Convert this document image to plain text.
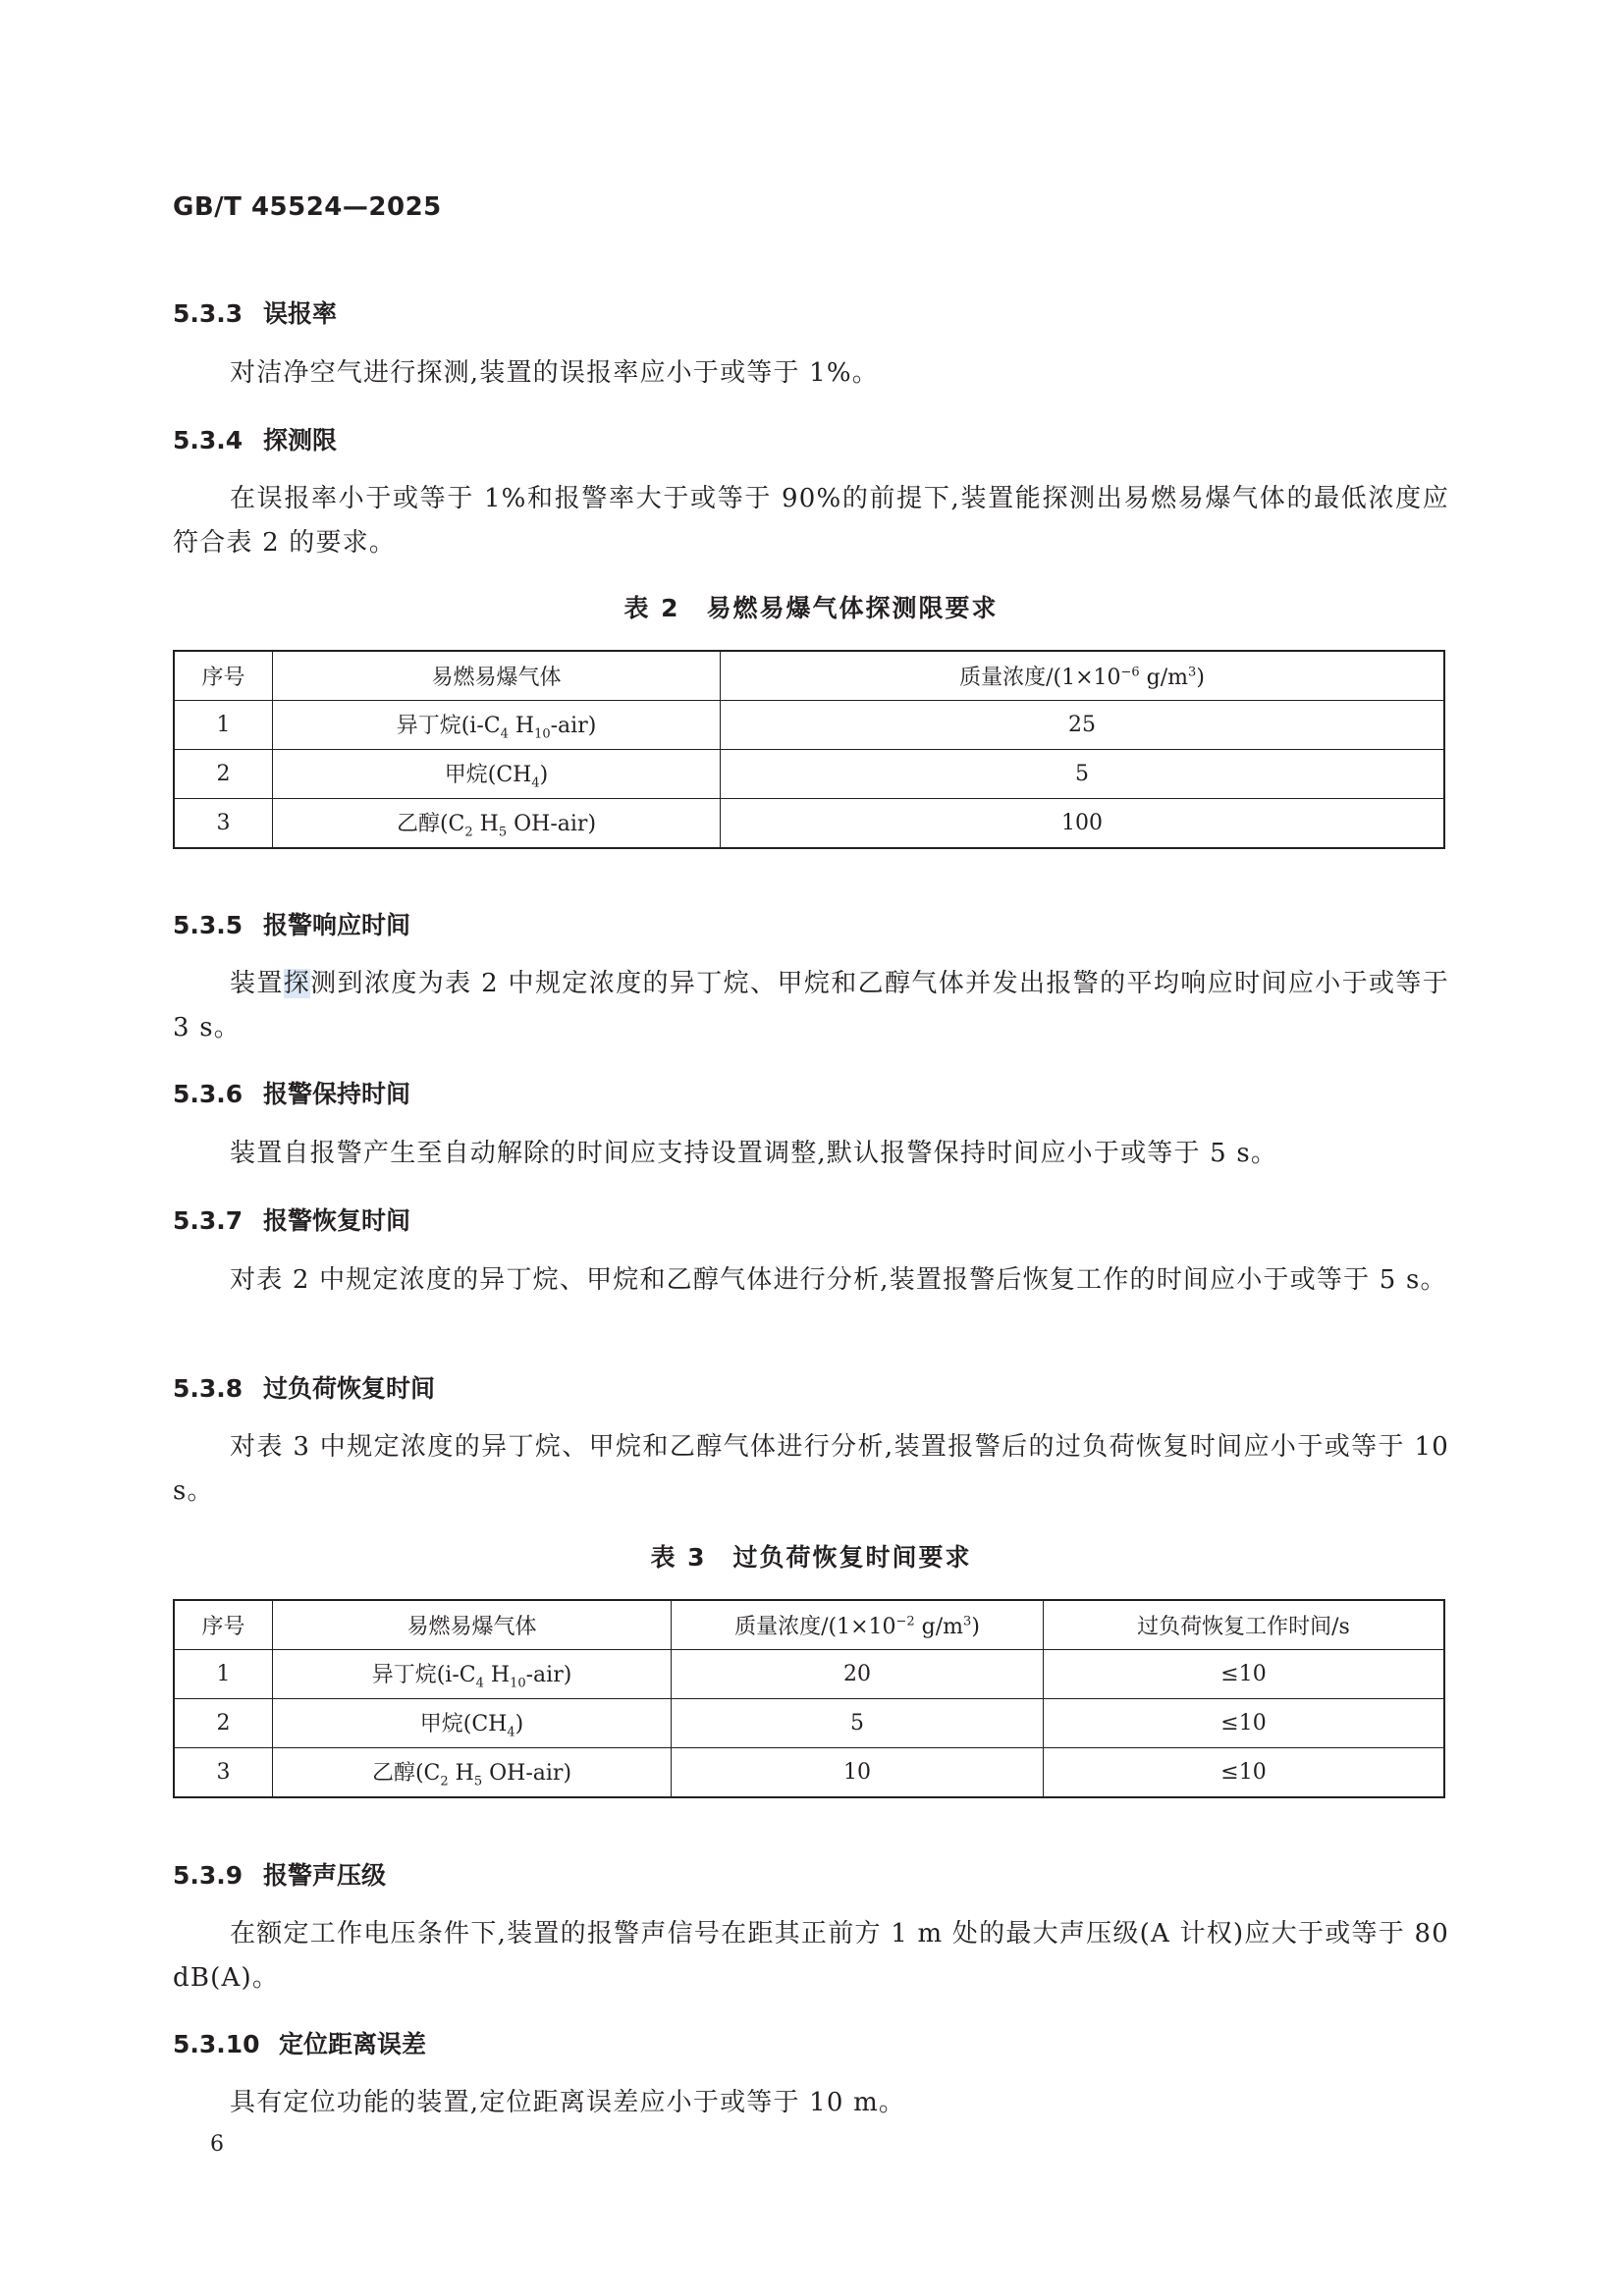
GB/T 45524—2025
5.3.3 误报率
对洁净空气进行探测,装置的误报率应小于或等于 1%。
5.3.4 探测限
在误报率小于或等于 1%和报警率大于或等于 90%的前提下,装置能探测出易燃易爆气体的最低浓度应符合表 2 的要求。
表 2　易燃易爆气体探测限要求
序号	易燃易爆气体	质量浓度$/(1\times 10^{-6}$ $g/m^3$)
1	异丁烷($i-C_4$ $H_{10}-air$)	25
2	甲烷$(CH_4)$	5
3	乙醇($C_2$ $H_5$ OH-air)	100
5.3.5 报警响应时间
装置探测到浓度为表 2 中规定浓度的异丁烷、甲烷和乙醇气体并发出报警的平均响应时间应小于或等于 3 s。
5.3.6 报警保持时间
装置自报警产生至自动解除的时间应支持设置调整,默认报警保持时间应小于或等于 5 s。
5.3.7 报警恢复时间
对表 2 中规定浓度的异丁烷、甲烷和乙醇气体进行分析,装置报警后恢复工作的时间应小于或等于 5 s。
5.3.8 过负荷恢复时间
对表 3 中规定浓度的异丁烷、甲烷和乙醇气体进行分析,装置报警后的过负荷恢复时间应小于或等于 10 s。
表 3　过负荷恢复时间要求
序号	易燃易爆气体	质量浓度$/(1\times 10^{-2}$ $g/m^3$)	过负荷恢复工作时间/s
1	异丁烷($i-C_4$ $H_{10}-air$)	20	≤10
2	甲烷$(CH_4)$	5	≤10
3	乙醇($C_2$ $H_5$ OH-air)	10	≤10
5.3.9 报警声压级
在额定工作电压条件下,装置的报警声信号在距其正前方 1 m 处的最大声压级(A 计权)应大于或等于 80 dB(A)。
5.3.10 定位距离误差
具有定位功能的装置,定位距离误差应小于或等于 10 m。
6
